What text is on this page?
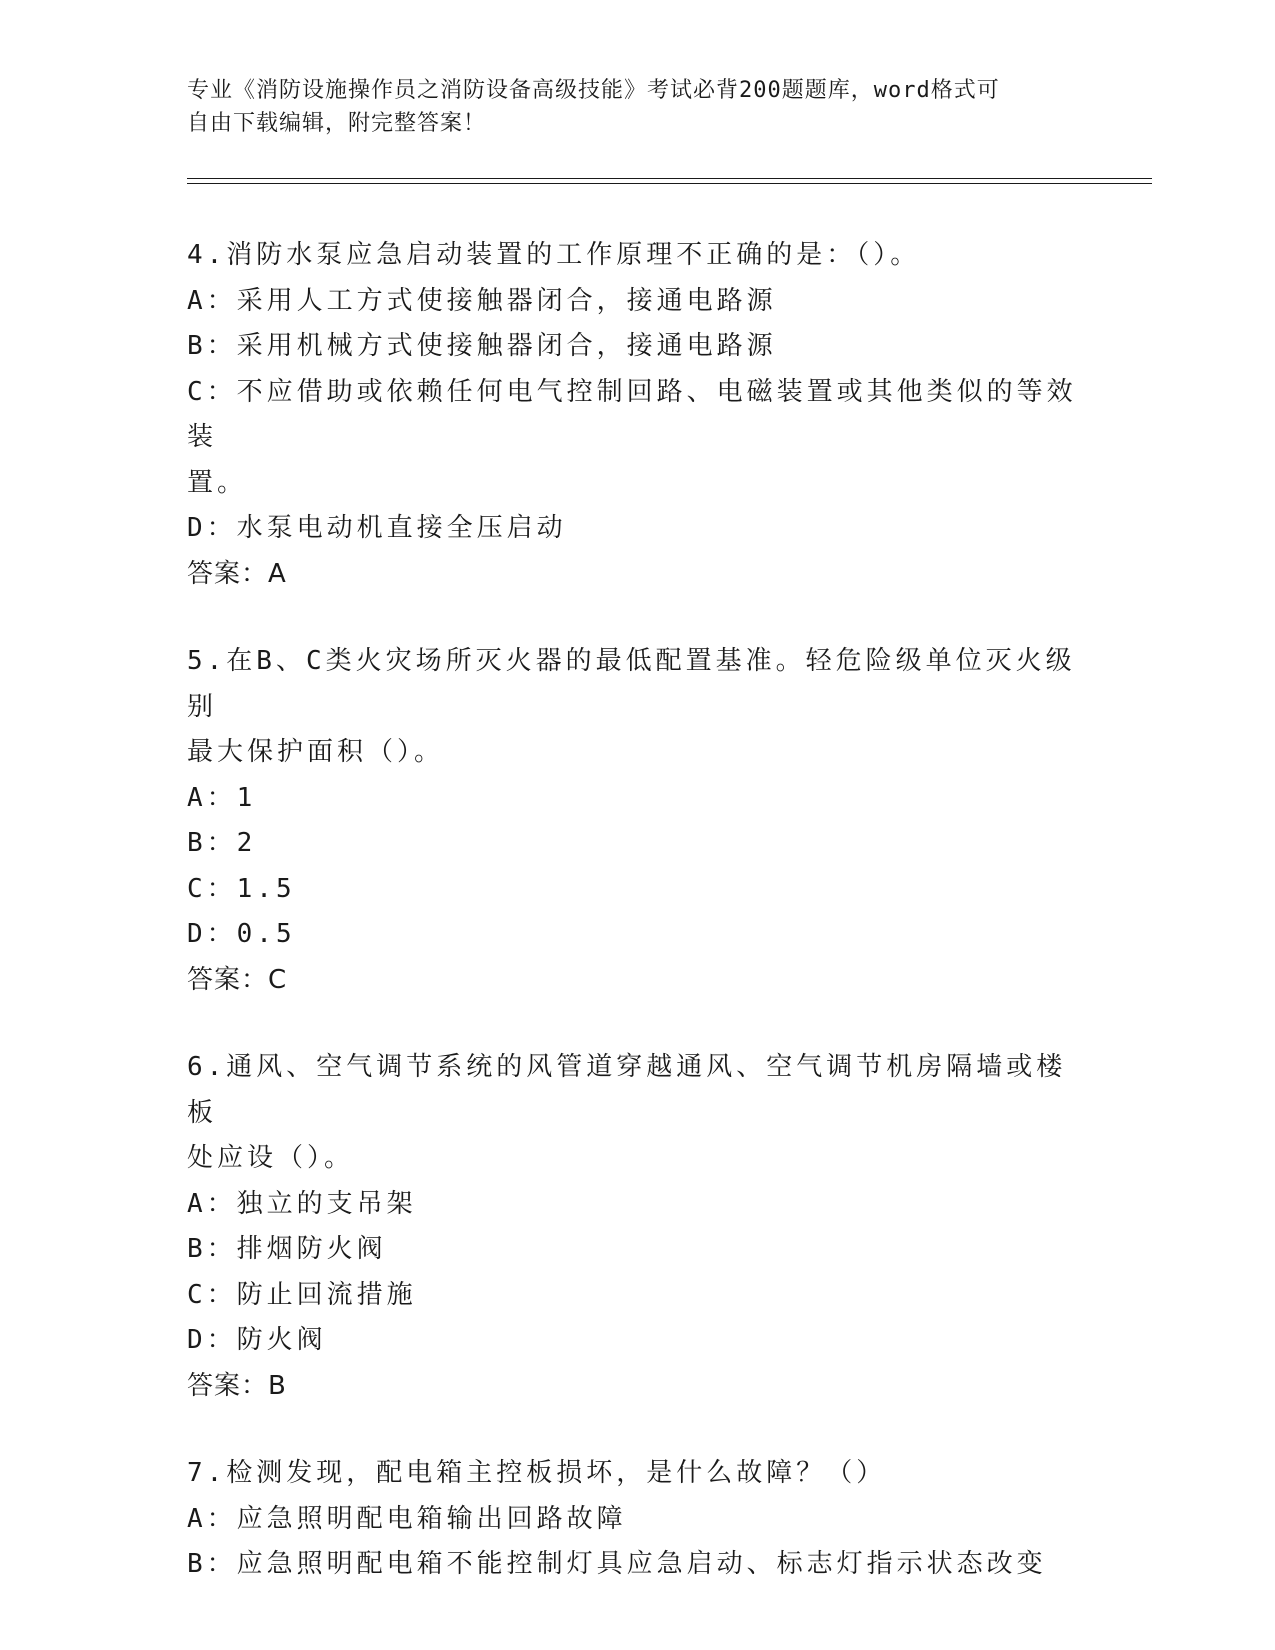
专业《消防设施操作员之消防设备高级技能》考试必背200题题库，word格式可
自由下载编辑，附完整答案！

4.消防水泵应急启动装置的工作原理不正确的是：（）。

A：采用人工方式使接触器闭合，接通电路源

B：采用机械方式使接触器闭合，接通电路源

C：不应借助或依赖任何电气控制回路、电磁装置或其他类似的等效装

置。

D：水泵电动机直接全压启动

答案：A

5.在B、C类火灾场所灭火器的最低配置基准。轻危险级单位灭火级别

最大保护面积（）。

A：1

B：2

C：1.5

D：0.5

答案：C

6.通风、空气调节系统的风管道穿越通风、空气调节机房隔墙或楼板

处应设（）。

A：独立的支吊架

B：排烟防火阀

C：防止回流措施

D：防火阀

答案：B

7.检测发现，配电箱主控板损坏，是什么故障？（）

A：应急照明配电箱输出回路故障

B：应急照明配电箱不能控制灯具应急启动、标志灯指示状态改变
